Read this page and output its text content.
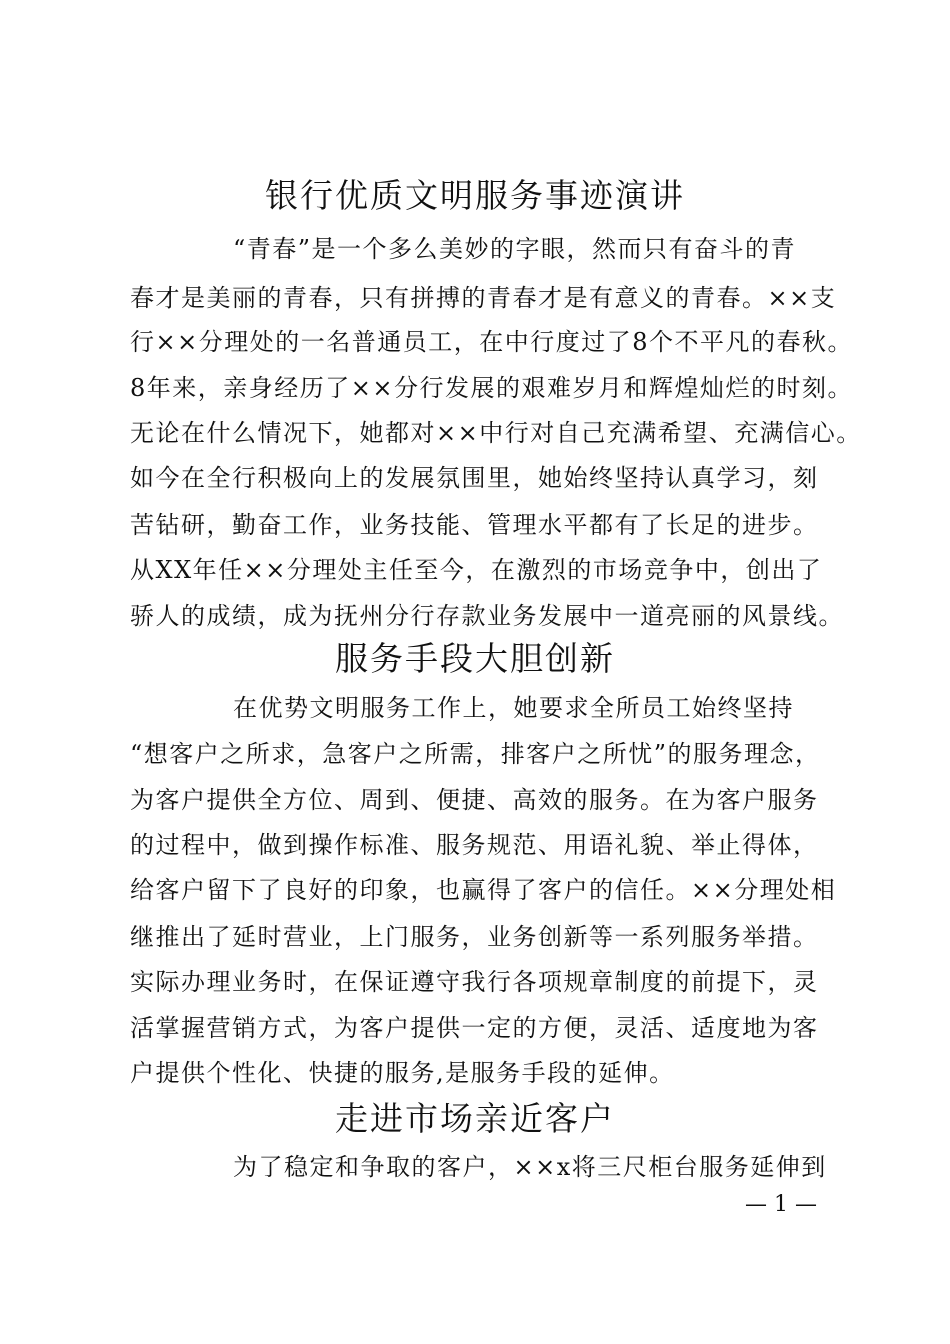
银行优质文明服务事迹演讲
“青春”是一个多么美妙的字眼，然而只有奋斗的青
春才是美丽的青春，只有拼搏的青春才是有意义的青春。××支
行××分理处的一名普通员工，在中行度过了8个不平凡的春秋。
8年来，亲身经历了××分行发展的艰难岁月和辉煌灿烂的时刻。
无论在什么情况下，她都对××中行对自己充满希望、充满信心。
如今在全行积极向上的发展氛围里，她始终坚持认真学习，刻
苦钻研，勤奋工作，业务技能、管理水平都有了长足的进步。
从XX年任××分理处主任至今，在激烈的市场竞争中，创出了
骄人的成绩，成为抚州分行存款业务发展中一道亮丽的风景线。
服务手段大胆创新
在优势文明服务工作上，她要求全所员工始终坚持
“想客户之所求，急客户之所需，排客户之所忧”的服务理念，
为客户提供全方位、周到、便捷、高效的服务。在为客户服务
的过程中，做到操作标准、服务规范、用语礼貌、举止得体，
给客户留下了良好的印象，也赢得了客户的信任。××分理处相
继推出了延时营业，上门服务，业务创新等一系列服务举措。
实际办理业务时，在保证遵守我行各项规章制度的前提下，灵
活掌握营销方式，为客户提供一定的方便，灵活、适度地为客
户提供个性化、快捷的服务,是服务手段的延伸。
走进市场亲近客户
为了稳定和争取的客户，××x将三尺柜台服务延伸到
— 1 —
